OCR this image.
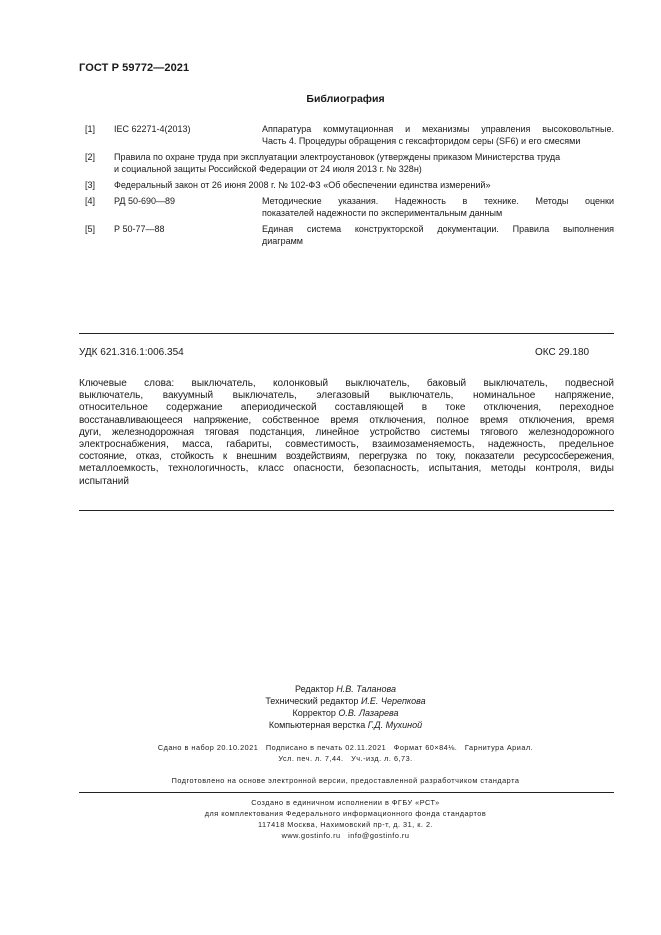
ГОСТ Р 59772—2021
Библиография
[1] IEC 62271-4(2013)	Аппаратура коммутационная и механизмы управления высоковольтные.
Часть 4. Процедуры обращения с гексафторидом серы (SF6) и его смесями
[2] Правила по охране труда при эксплуатации электроустановок (утверждены приказом Министерства труда
и социальной защиты Российской Федерации от 24 июля 2013 г. № 328н)
[3] Федеральный закон от 26 июня 2008 г. № 102-ФЗ «Об обеспечении единства измерений»
[4] РД 50-690—89	Методические указания. Надежность в технике. Методы оценки
показателей надежности по экспериментальным данным
[5] Р 50-77—88	Единая система конструкторской документации. Правила выполнения
диаграмм
УДК 621.316.1:006.354	ОКС 29.180
Ключевые слова: выключатель, колонковый выключатель, баковый выключатель, подвесной
выключатель, вакуумный выключатель, элегазовый выключатель, номинальное напряжение,
относительное содержание апериодической составляющей в токе отключения, переходное
восстанавливающееся напряжение, собственное время отключения, полное время отключения, время
дуги, железнодорожная тяговая подстанция, линейное устройство системы тягового железнодорожного
электроснабжения, масса, габариты, совместимость, взаимозаменяемость, надежность, предельное
состояние, отказ, стойкость к внешним воздействиям, перегрузка по току, показатели ресурсосбережения,
металлоемкость, технологичность, класс опасности, безопасность, испытания, методы контроля, виды
испытаний
Редактор Н.В. Таланова
Технический редактор И.Е. Черепкова
Корректор О.В. Лазарева
Компьютерная верстка Г.Д. Мухиной
Сдано в набор 20.10.2021   Подписано в печать 02.11.2021   Формат 60×84⅛.   Гарнитура Ариал.
Усл. печ. л. 7,44.   Уч.-изд. л. 6,73.
Подготовлено на основе электронной версии, предоставленной разработчиком стандарта
Создано в единичном исполнении в ФГБУ «РСТ»
для комплектования Федерального информационного фонда стандартов
117418 Москва, Нахимовский пр-т, д. 31, к. 2.
www.gostinfo.ru   info@gostinfo.ru
